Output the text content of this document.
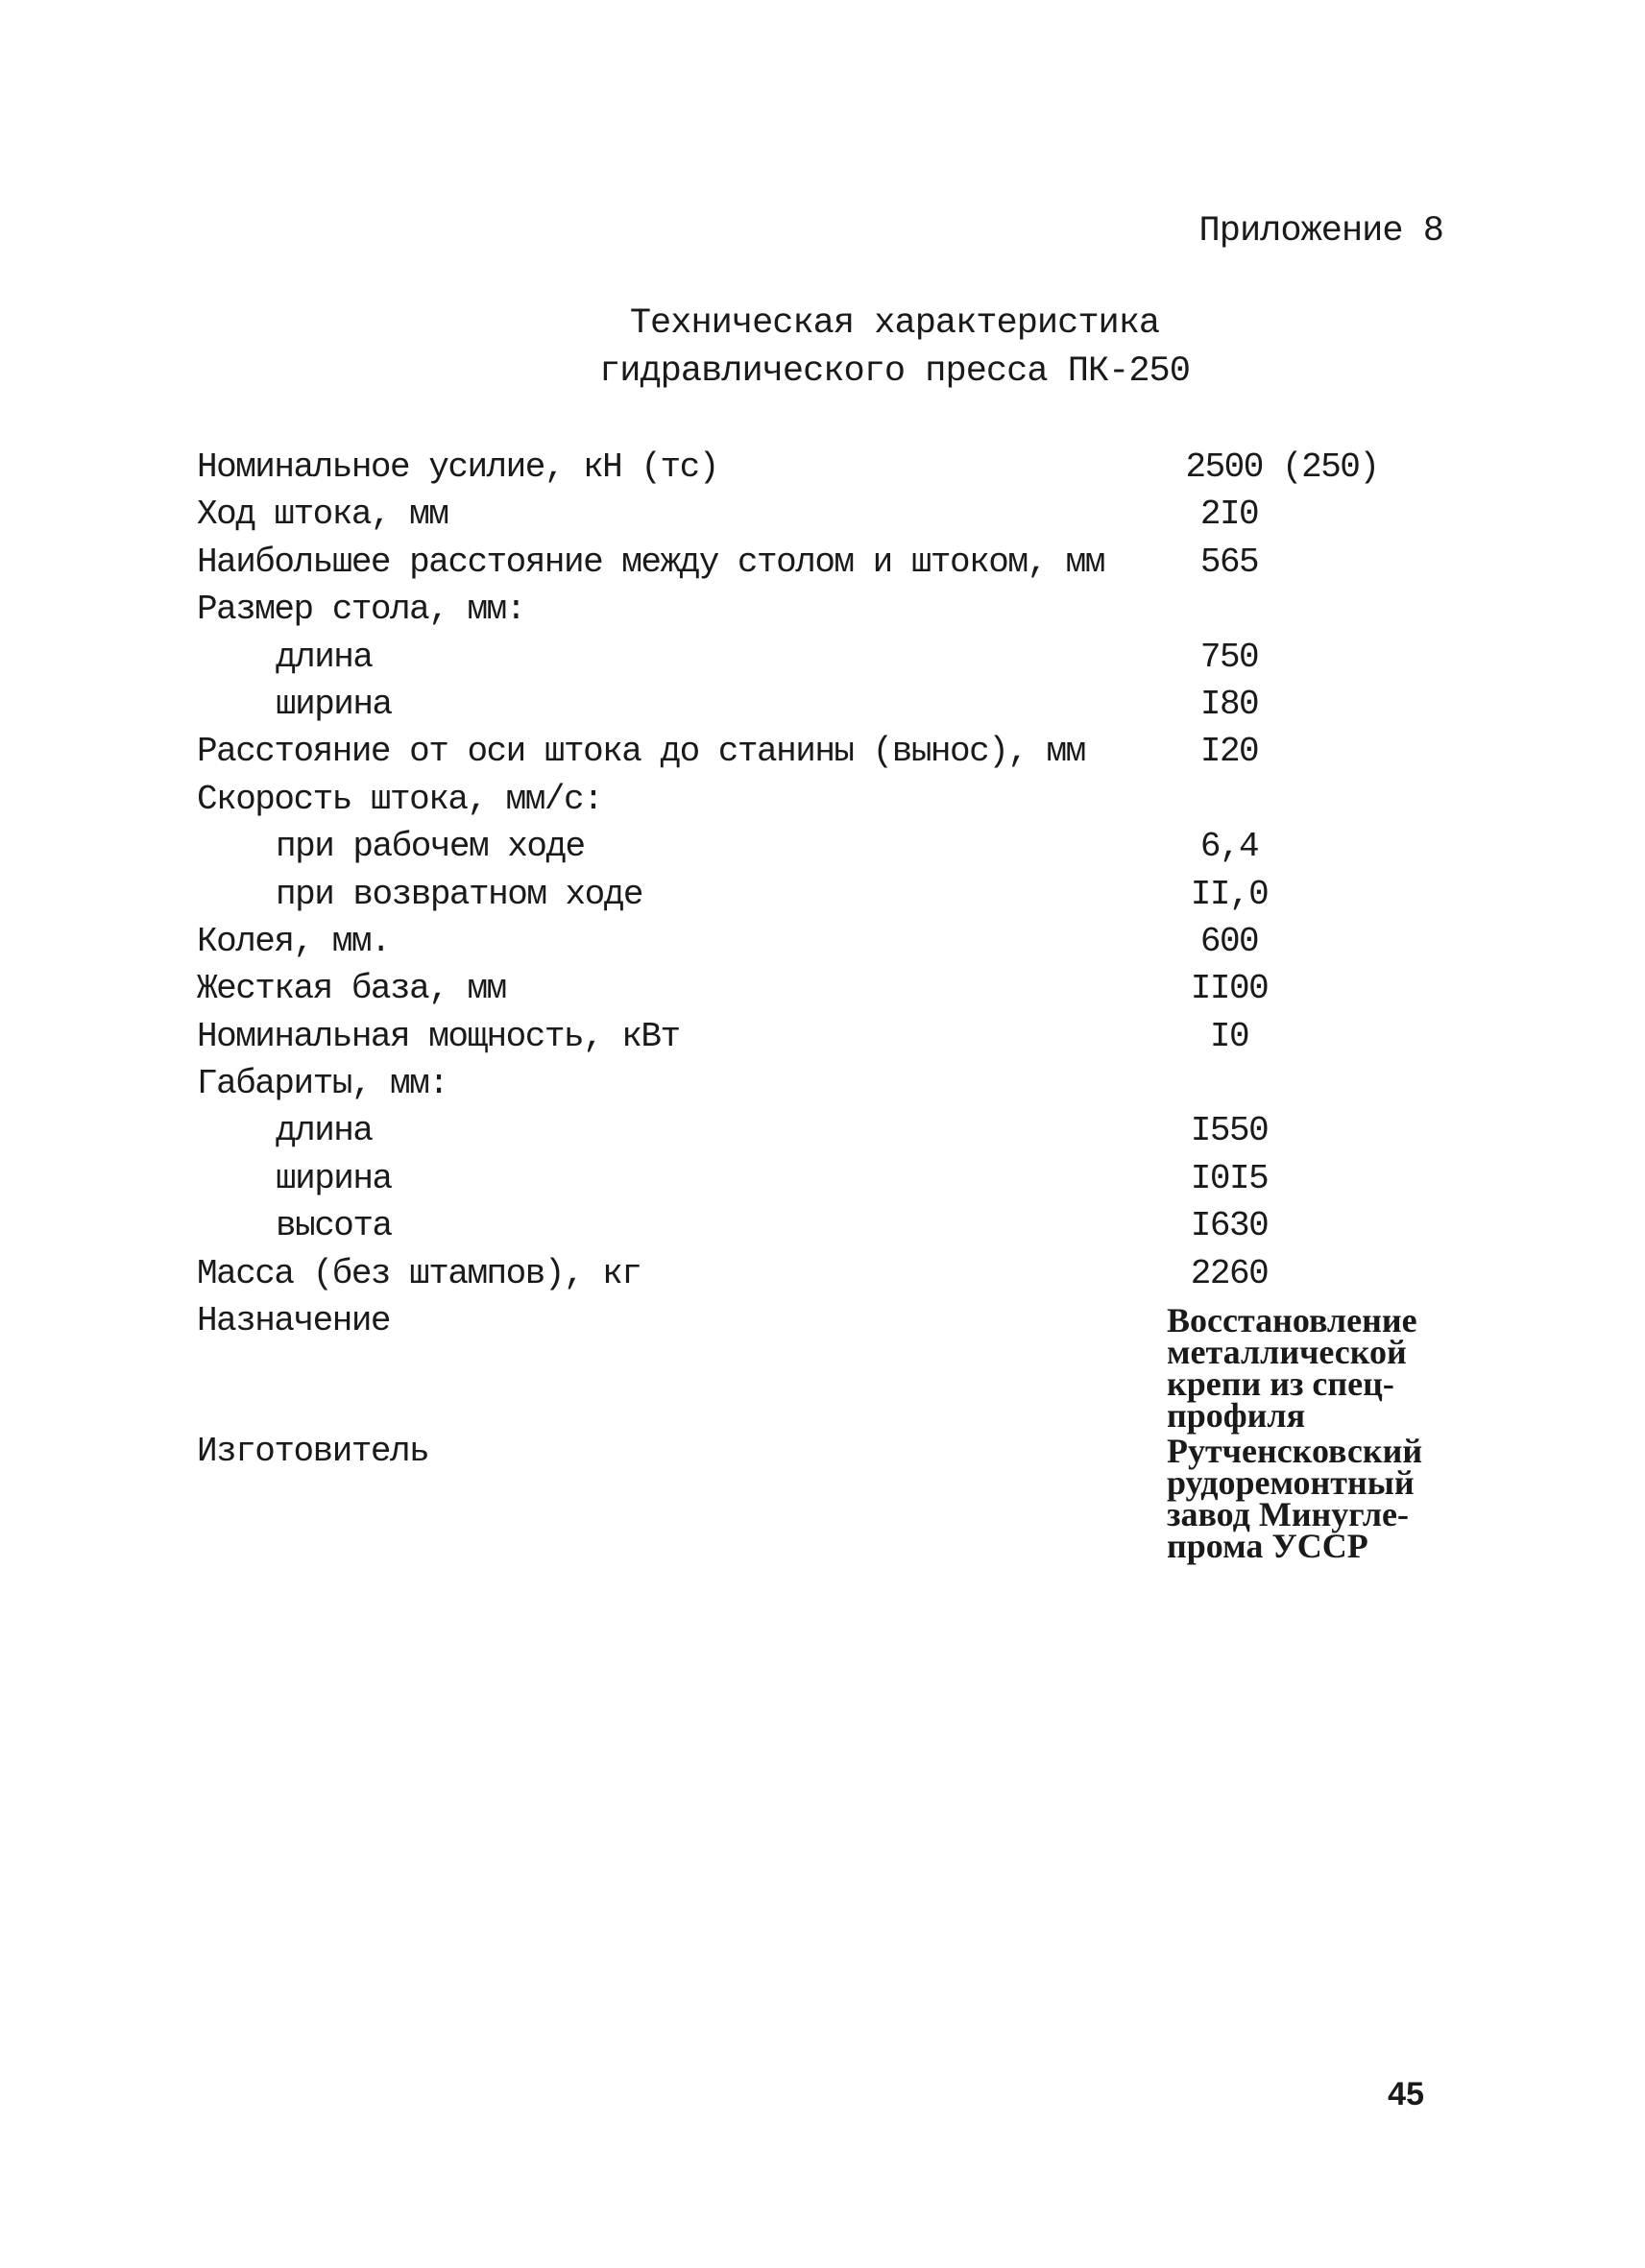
Приложение 8
Техническая характеристика
гидравлического пресса ПК-250
Номинальное усилие, кН (тс)	2500 (250)
Ход штока, мм	2I0
Наибольшее расстояние между столом и штоком, мм	565
Размер стола, мм:
длина	750
ширина	I80
Расстояние от оси штока до станины (вынос), мм	I20
Скорость штока, мм/с:
при рабочем ходе	6,4
при возвратном ходе	II,0
Колея, мм.	600
Жесткая база, мм	II00
Номинальная мощность, кВт	I0
Габариты, мм:
длина	I550
ширина	I0I5
высота	I630
Масса (без штампов), кг	2260
Назначение	Восстановление
металлической
крепи из спец-
профиля
Изготовитель	Рутченсковский
рудоремонтный
завод Минугле-
прома УССР
45
